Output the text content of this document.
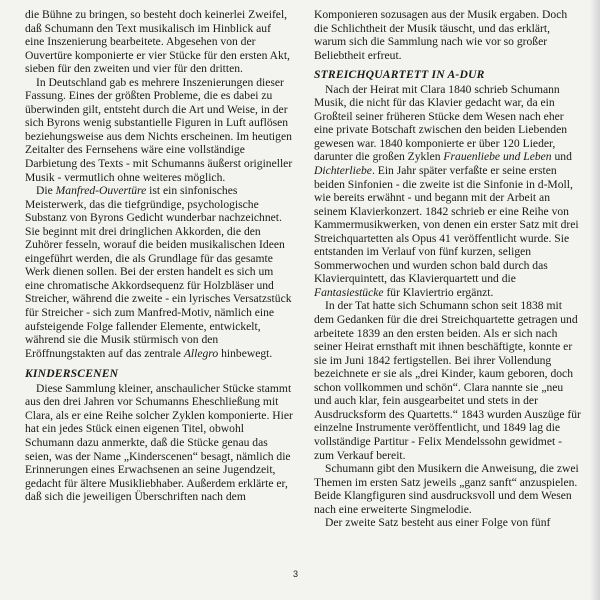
die Bühne zu bringen, so besteht doch keinerlei Zweifel, daß Schumann den Text musikalisch im Hinblick auf eine Inszenierung bearbeitete. Abgesehen von der Ouvertüre komponierte er vier Stücke für den ersten Akt, sieben für den zweiten und vier für den dritten.

In Deutschland gab es mehrere Inszenierungen dieser Fassung. Eines der größten Probleme, die es dabei zu überwinden gilt, entsteht durch die Art und Weise, in der sich Byrons wenig substantielle Figuren in Luft auflösen beziehungsweise aus dem Nichts erscheinen. Im heutigen Zeitalter des Fernsehens wäre eine vollständige Darbietung des Texts - mit Schumanns äußerst origineller Musik - vermutlich ohne weiteres möglich.

Die Manfred-Ouvertüre ist ein sinfonisches Meisterwerk, das die tiefgründige, psychologische Substanz von Byrons Gedicht wunderbar nachzeichnet. Sie beginnt mit drei dringlichen Akkorden, die den Zuhörer fesseln, worauf die beiden musikalischen Ideen eingeführt werden, die als Grundlage für das gesamte Werk dienen sollen. Bei der ersten handelt es sich um eine chromatische Akkordsequenz für Holzbläser und Streicher, während die zweite - ein lyrisches Versatzstück für Streicher - sich zum Manfred-Motiv, nämlich eine aufsteigende Folge fallender Elemente, entwickelt, während sie die Musik stürmisch von den Eröffnungstakten auf das zentrale Allegro hinbewegt.

KINDERSCENEN

Diese Sammlung kleiner, anschaulicher Stücke stammt aus den drei Jahren vor Schumanns Eheschließung mit Clara, als er eine Reihe solcher Zyklen komponierte. Hier hat ein jedes Stück einen eigenen Titel, obwohl Schumann dazu anmerkte, daß die Stücke genau das seien, was der Name „Kinderscenen“ besagt, nämlich die Erinnerungen eines Erwachsenen an seine Jugendzeit, gedacht für ältere Musikliebhaber. Außerdem erklärte er, daß sich die jeweiligen Überschriften nach dem

Komponieren sozusagen aus der Musik ergaben. Doch die Schlichtheit der Musik täuscht, und das erklärt, warum sich die Sammlung nach wie vor so großer Beliebtheit erfreut.

STREICHQUARTETT IN A-DUR

Nach der Heirat mit Clara 1840 schrieb Schumann Musik, die nicht für das Klavier gedacht war, da ein Großteil seiner früheren Stücke dem Wesen nach eher eine private Botschaft zwischen den beiden Liebenden gewesen war. 1840 komponierte er über 120 Lieder, darunter die großen Zyklen Frauenliebe und Leben und Dichterliebe. Ein Jahr später verfaßte er seine ersten beiden Sinfonien - die zweite ist die Sinfonie in d-Moll, wie bereits erwähnt - und begann mit der Arbeit an seinem Klavierkonzert. 1842 schrieb er eine Reihe von Kammermusikwerken, von denen ein erster Satz mit drei Streichquartetten als Opus 41 veröffentlicht wurde. Sie entstanden im Verlauf von fünf kurzen, seligen Sommerwochen und wurden schon bald durch das Klavierquintett, das Klavierquartett und die Fantasiestücke für Klaviertrio ergänzt.

In der Tat hatte sich Schumann schon seit 1838 mit dem Gedanken für die drei Streichquartette getragen und arbeitete 1839 an den ersten beiden. Als er sich nach seiner Heirat ernsthaft mit ihnen beschäftigte, konnte er sie im Juni 1842 fertigstellen. Bei ihrer Vollendung bezeichnete er sie als „drei Kinder, kaum geboren, doch schon vollkommen und schön“. Clara nannte sie „neu und auch klar, fein ausgearbeitet und stets in der Ausdrucksform des Quartetts.“ 1843 wurden Auszüge für einzelne Instrumente veröffentlicht, und 1849 lag die vollständige Partitur - Felix Mendelssohn gewidmet - zum Verkauf bereit.

Schumann gibt den Musikern die Anweisung, die zwei Themen im ersten Satz jeweils „ganz sanft“ anzuspielen. Beide Klangfiguren sind ausdrucksvoll und dem Wesen nach eine erweiterte Singmelodie.

Der zweite Satz besteht aus einer Folge von fünf

3
